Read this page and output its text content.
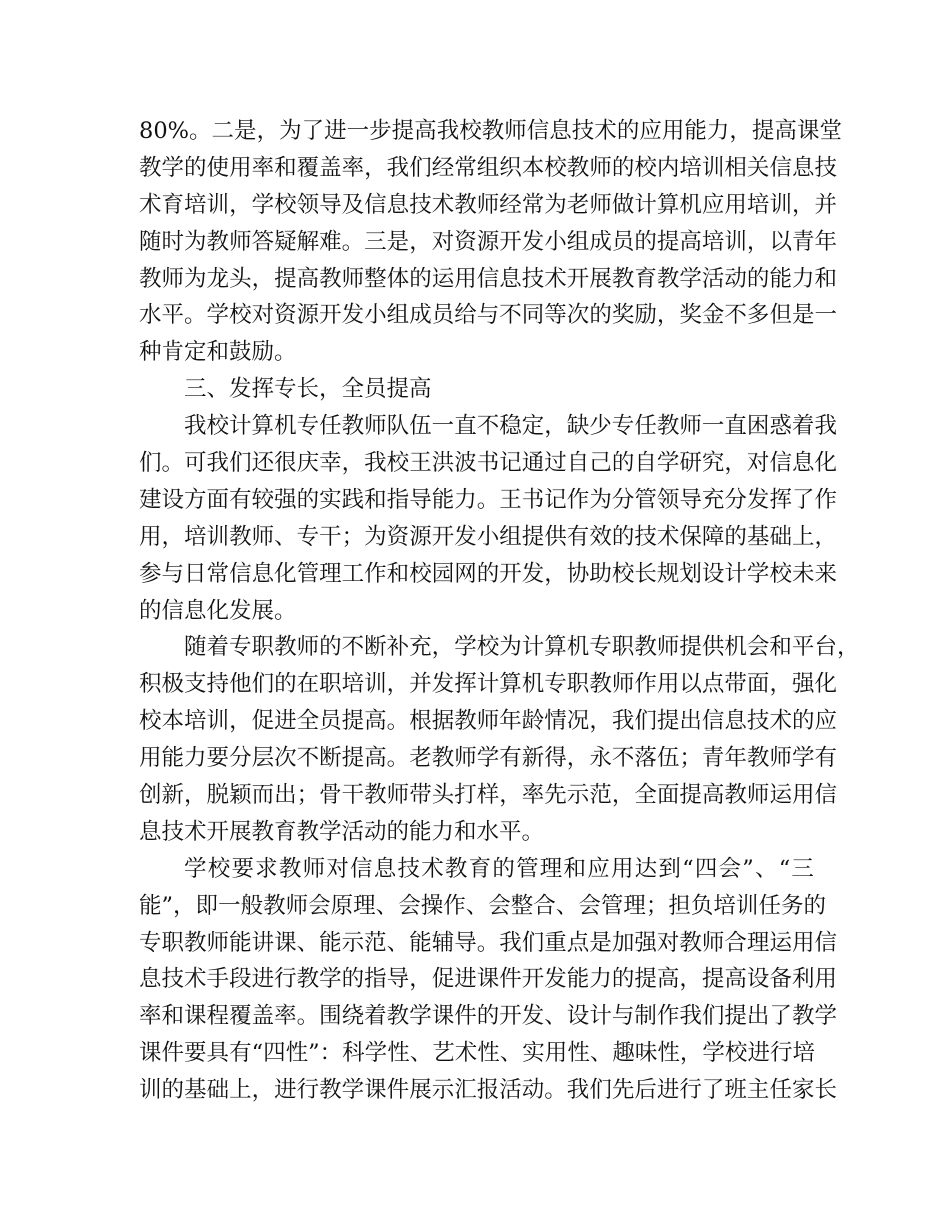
80% 。 二 是 ， 为 了 进 一 步 提 高 我 校 教 师 信 息 技 术 的 应 用 能 力 ， 提 高 课 堂
教 学 的 使 用 率 和 覆 盖 率 ， 我 们 经 常 组 织 本 校 教 师 的 校 内 培 训 相 关 信 息 技
术 育 培 训 ， 学 校 领 导 及 信 息 技 术 教 师 经 常 为 老 师 做 计 算 机 应 用 培 训 ， 并
随 时 为 教 师 答 疑 解 难 。 三 是 ， 对 资 源 开 发 小 组 成 员 的 提 高 培 训 ， 以 青 年
教 师 为 龙 头 ， 提 高 教 师 整 体 的 运 用 信 息 技 术 开 展 教 育 教 学 活 动 的 能 力 和
水 平 。 学 校 对 资 源 开 发 小 组 成 员 给 与 不 同 等 次 的 奖 励 ， 奖 金 不 多 但 是 一
种肯定和鼓励。
三、发挥专长，全员提高
我 校 计 算 机 专 任 教 师 队 伍 一 直 不 稳 定 ， 缺 少 专 任 教 师 一 直 困 惑 着 我
们 。 可 我 们 还 很 庆 幸 ， 我 校 王 洪 波 书 记 通 过 自 己 的 自 学 研 究 ， 对 信 息 化
建 设 方 面 有 较 强 的 实 践 和 指 导 能 力 。 王 书 记 作 为 分 管 领 导 充 分 发 挥 了 作
用 ， 培 训 教 师 、 专 干 ； 为 资 源 开 发 小 组 提 供 有 效 的 技 术 保 障 的 基 础 上 ，
参 与 日 常 信 息 化 管 理 工 作 和 校 园 网 的 开 发 ， 协 助 校 长 规 划 设 计 学 校 未 来
的信息化发展。
随 着 专 职 教 师 的 不 断 补 充 ， 学 校 为 计 算 机 专 职 教 师 提 供 机 会 和 平 台 ，
积 极 支 持 他 们 的 在 职 培 训 ， 并 发 挥 计 算 机 专 职 教 师 作 用 以 点 带 面 ， 强 化
校 本 培 训 ， 促 进 全 员 提 高 。 根 据 教 师 年 龄 情 况 ， 我 们 提 出 信 息 技 术 的 应
用 能 力 要 分 层 次 不 断 提 高 。 老 教 师 学 有 新 得 ， 永 不 落 伍 ； 青 年 教 师 学 有
创 新 ， 脱 颖 而 出 ； 骨 干 教 师 带 头 打 样 ， 率 先 示 范 ， 全 面 提 高 教 师 运 用 信
息技术开展教育教学活动的能力和水平。
学 校 要 求 教 师 对 信 息 技 术 教 育 的 管 理 和 应 用 达 到 “ 四 会 ” 、 “ 三
能 ” ， 即 一 般 教 师 会 原 理 、 会 操 作 、 会 整 合 、 会 管 理 ； 担 负 培 训 任 务 的
专 职 教 师 能 讲 课 、 能 示 范 、 能 辅 导 。 我 们 重 点 是 加 强 对 教 师 合 理 运 用 信
息 技 术 手 段 进 行 教 学 的 指 导 ， 促 进 课 件 开 发 能 力 的 提 高 ， 提 高 设 备 利 用
率 和 课 程 覆 盖 率 。 围 绕 着 教 学 课 件 的 开 发 、 设 计 与 制 作 我 们 提 出 了 教 学
课 件 要 具 有 “ 四 性 ” ： 科 学 性 、 艺 术 性 、 实 用 性 、 趣 味 性 ， 学 校 进 行 培
训 的 基 础 上 ， 进 行 教 学 课 件 展 示 汇 报 活 动 。 我 们 先 后 进 行 了 班 主 任 家 长
